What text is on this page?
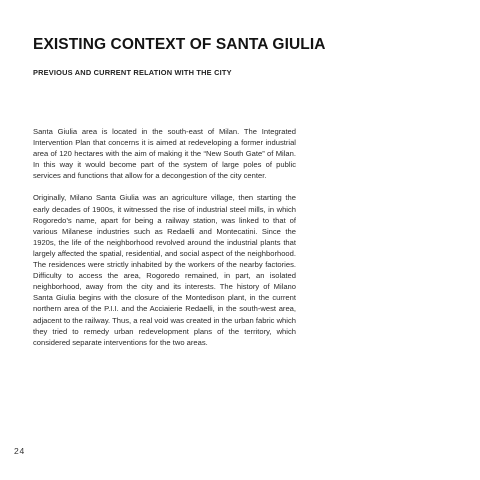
EXISTING CONTEXT OF SANTA GIULIA
PREVIOUS AND CURRENT RELATION WITH THE CITY

Santa Giulia area is located in the south-east of Milan. The Integrated Intervention Plan that concerns it is aimed at redeveloping a former industrial area of 120 hectares with the aim of making it the “New South Gate” of Milan. In this way it would become part of the system of large poles of public services and functions that allow for a decongestion of the city center.

Originally, Milano Santa Giulia was an agriculture village, then starting the early decades of 1900s, it witnessed the rise of industrial steel mills, in which Rogoredo’s name, apart for being a railway station, was linked to that of various Milanese industries such as Redaelli and Montecatini. Since the 1920s, the life of the neighborhood revolved around the industrial plants that largely affected the spatial, residential, and social aspect of the neighborhood. The residences were strictly inhabited by the workers of the nearby factories. Difficulty to access the area, Rogoredo remained, in part, an isolated neighborhood, away from the city and its interests. The history of Milano Santa Giulia begins with the closure of the Montedison plant, in the current northern area of the P.I.I. and the Acciaierie Redaelli, in the south-west area, adjacent to the railway. Thus, a real void was created in the urban fabric which they tried to remedy urban redevelopment plans of the territory, which considered separate interventions for the two areas.

24
